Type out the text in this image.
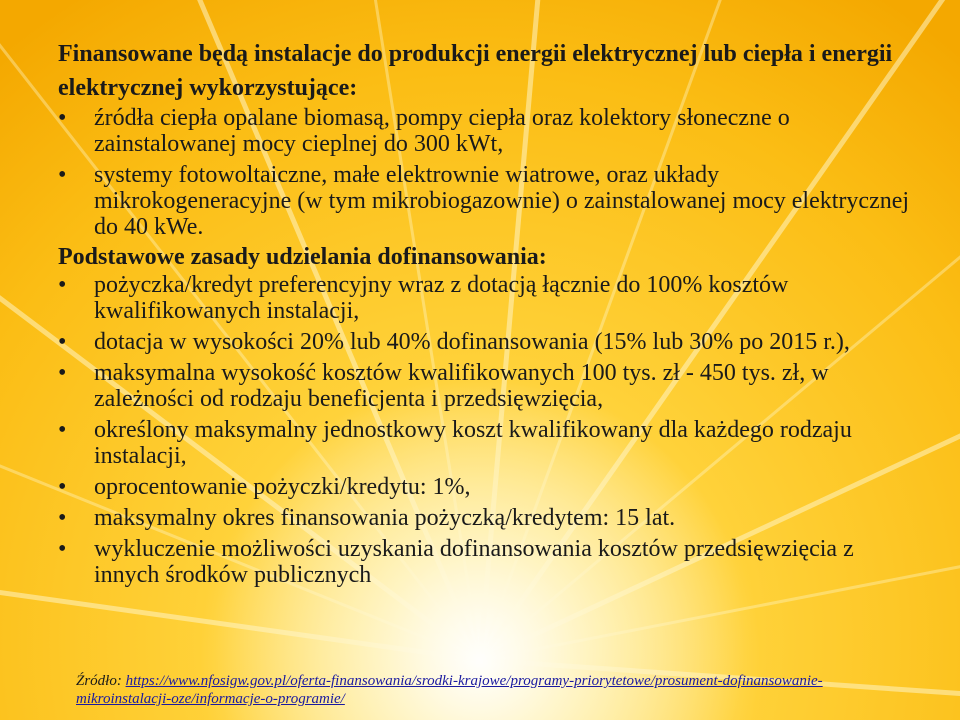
Finansowane będą instalacje do produkcji energii elektrycznej lub ciepła i energii elektrycznej wykorzystujące:

•	źródła ciepła opalane biomasą, pompy ciepła oraz kolektory słoneczne o zainstalowanej mocy cieplnej do 300 kWt,
•	systemy fotowoltaiczne, małe elektrownie wiatrowe, oraz układy mikrokogeneracyjne (w tym mikrobiogazownie) o zainstalowanej mocy elektrycznej do 40 kWe.

Podstawowe zasady udzielania dofinansowania:

•	pożyczka/kredyt preferencyjny wraz z dotacją łącznie do 100% kosztów kwalifikowanych instalacji,
•	dotacja w wysokości 20% lub 40% dofinansowania (15% lub 30% po 2015 r.),
•	maksymalna wysokość kosztów kwalifikowanych 100 tys. zł - 450 tys. zł, w zależności od rodzaju beneficjenta i przedsięwzięcia,
•	określony maksymalny jednostkowy koszt kwalifikowany dla każdego rodzaju instalacji,
•	oprocentowanie pożyczki/kredytu: 1%,
•	maksymalny okres finansowania pożyczką/kredytem: 15 lat.
•	wykluczenie możliwości uzyskania dofinansowania kosztów przedsięwzięcia z innych środków publicznych
Źródło: https://www.nfosigw.gov.pl/oferta-finansowania/srodki-krajowe/programy-priorytetowe/prosument-dofinansowanie-mikroinstalacji-oze/informacje-o-programie/
